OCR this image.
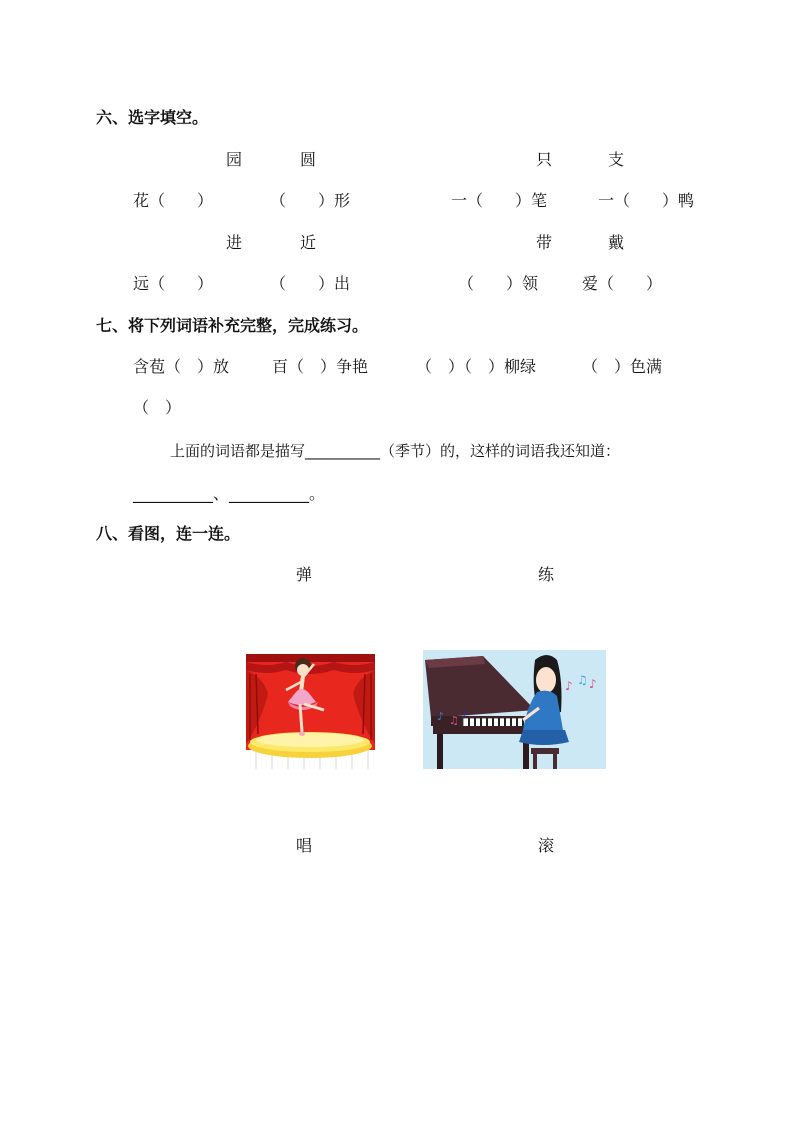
六、选字填空。
园	圆	只	支
花（　　）	（　　）形	一（　　）笔	一（　　）鸭
进	近	带	戴
远（　　）	（　　）出	（　　）领	爱（　　）
七、将下列词语补充完整，完成练习。
含苞（　）放	百（　）争艳	（　）（　）柳绿	（　）色满
（　）
上面的词语都是描写__________（季节）的，这样的词语我还知道：
__________、__________。
八、看图，连一连。
弹	练
♪ ♫ ♪
♪ ♫ ♪
唱	滚
